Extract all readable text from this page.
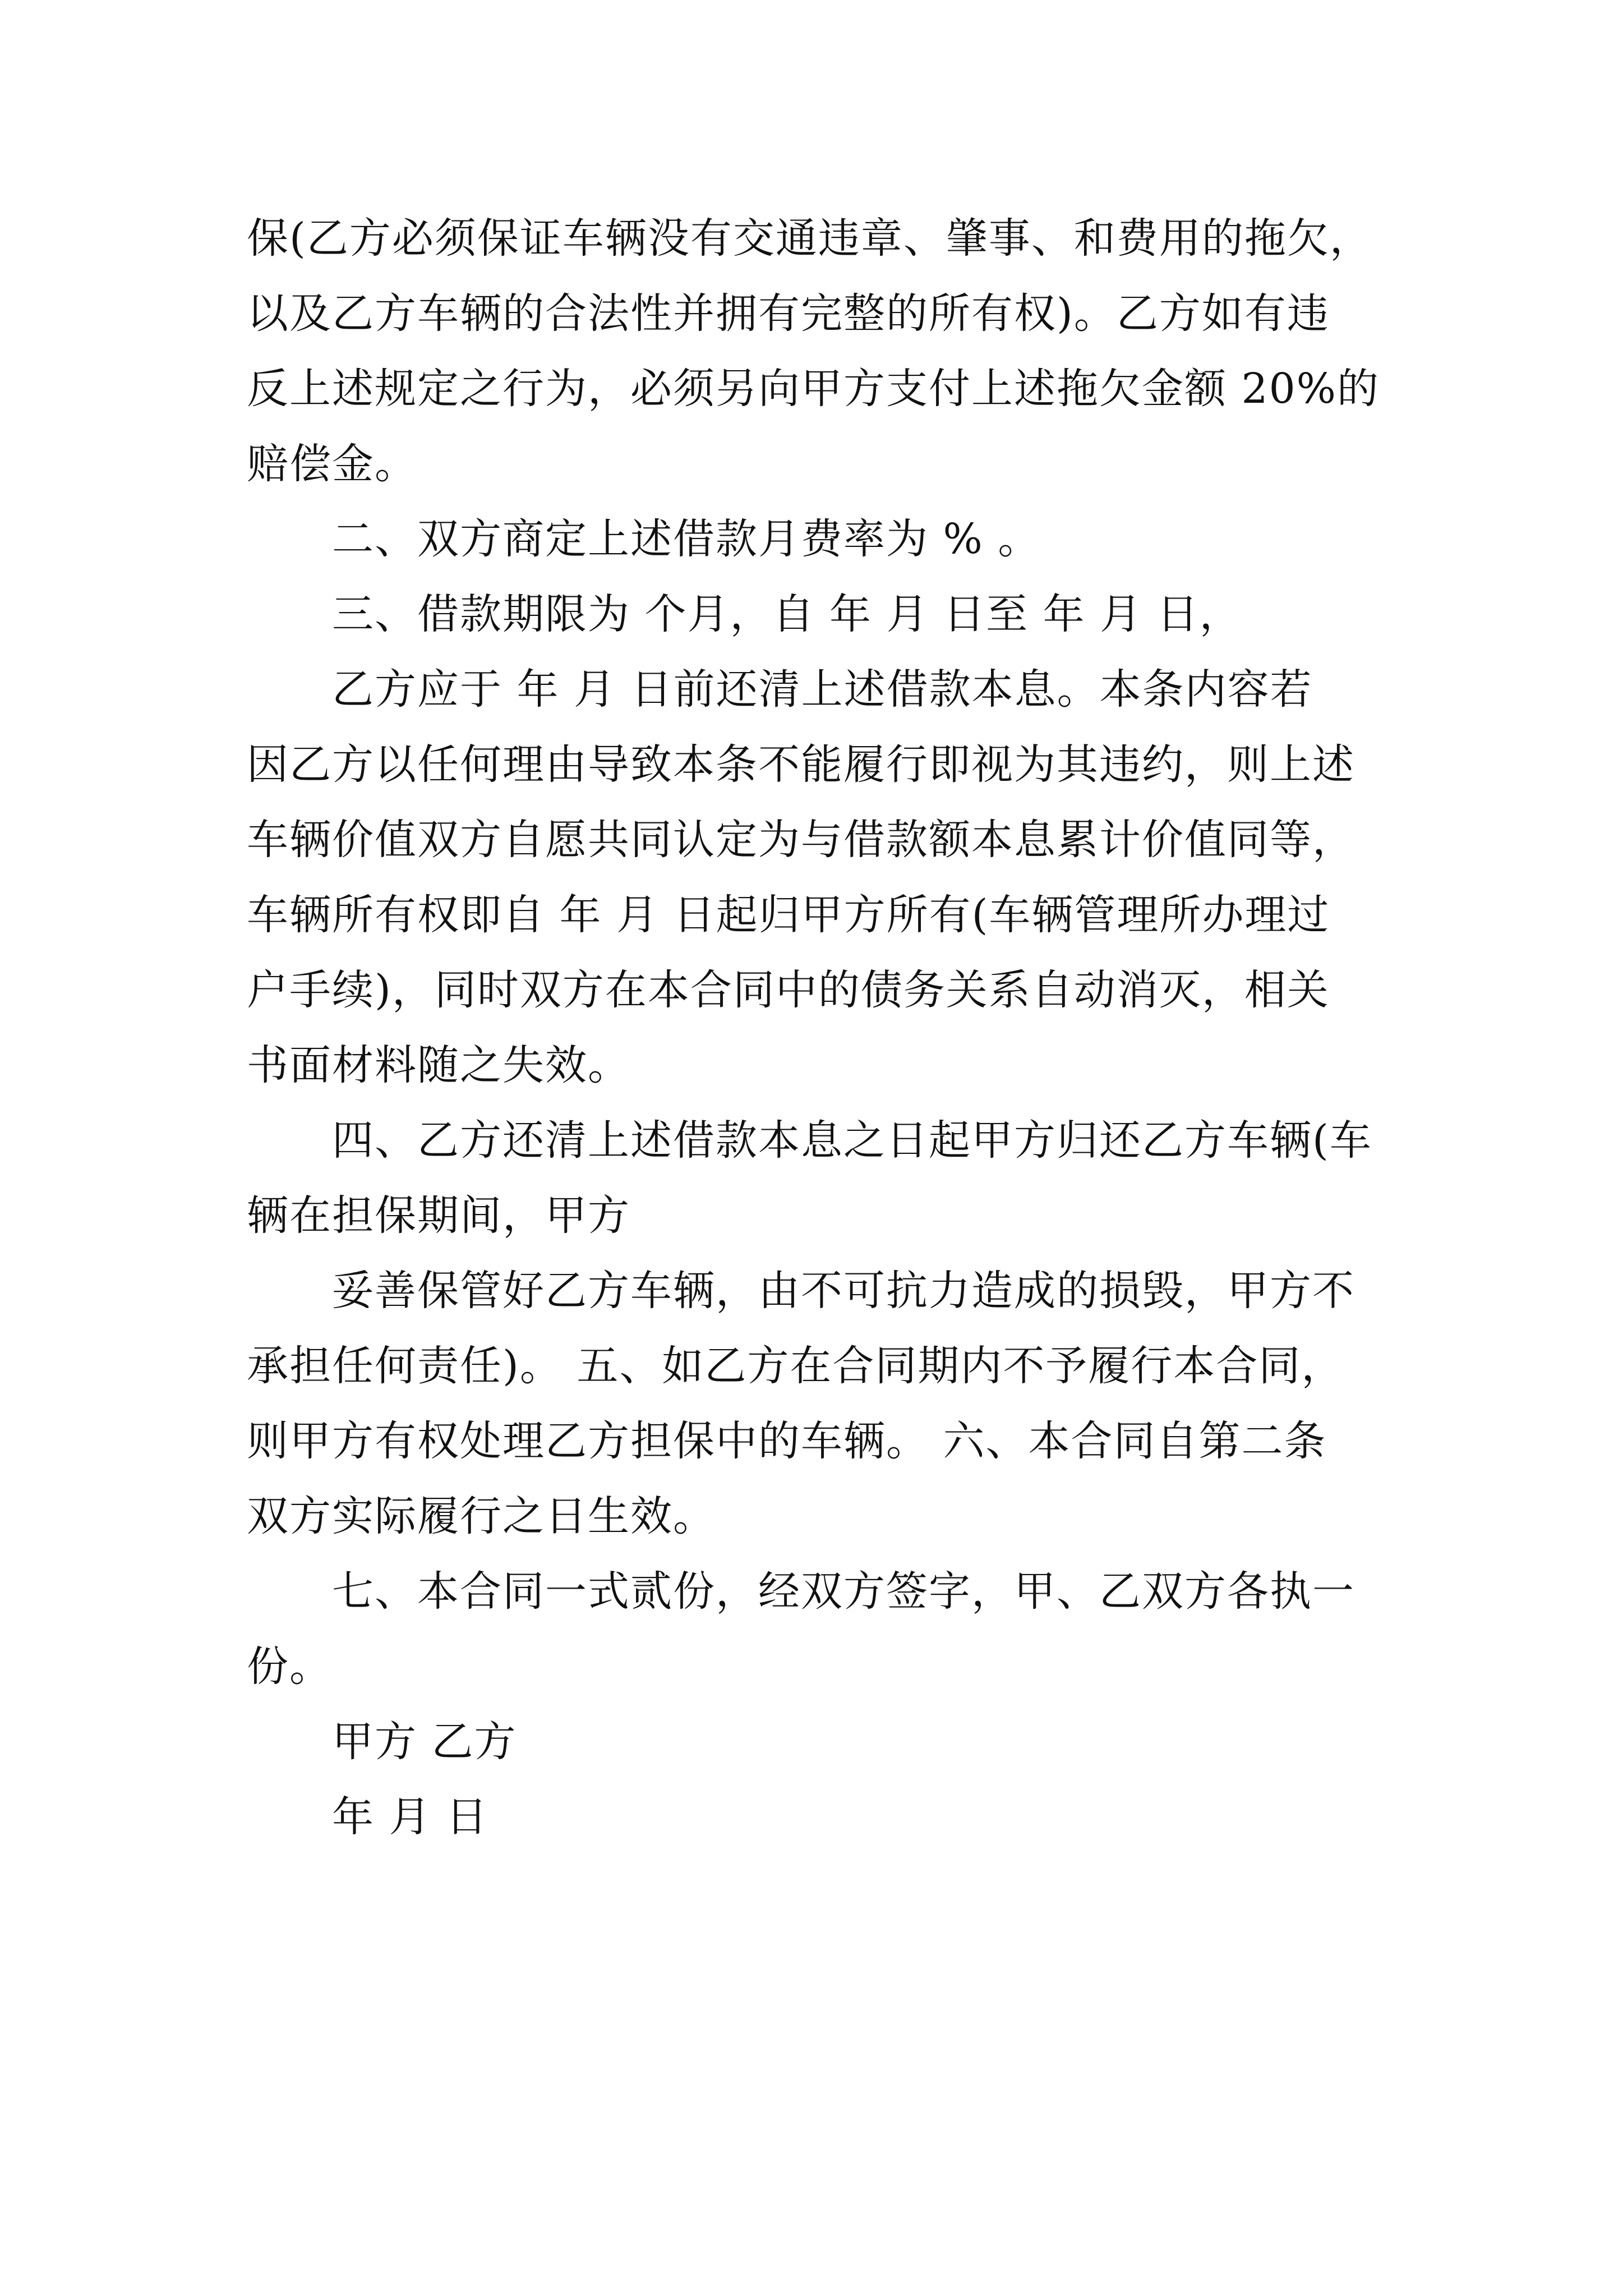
保(乙方必须保证车辆没有交通违章、肇事、和费用的拖欠，
以及乙方车辆的合法性并拥有完整的所有权)。乙方如有违
反上述规定之行为，必须另向甲方支付上述拖欠金额 20%的
赔偿金。
二、双方商定上述借款月费率为 % 。
三、借款期限为 个月，自 年 月 日至 年 月 日，
乙方应于 年 月 日前还清上述借款本息。本条内容若
因乙方以任何理由导致本条不能履行即视为其违约，则上述
车辆价值双方自愿共同认定为与借款额本息累计价值同等，
车辆所有权即自 年 月 日起归甲方所有(车辆管理所办理过
户手续)，同时双方在本合同中的债务关系自动消灭，相关
书面材料随之失效。
四、乙方还清上述借款本息之日起甲方归还乙方车辆(车
辆在担保期间，甲方
妥善保管好乙方车辆，由不可抗力造成的损毁，甲方不
承担任何责任)。 五、如乙方在合同期内不予履行本合同，
则甲方有权处理乙方担保中的车辆。 六、本合同自第二条
双方实际履行之日生效。
七、本合同一式贰份，经双方签字，甲、乙双方各执一
份。
甲方 乙方
年 月 日
